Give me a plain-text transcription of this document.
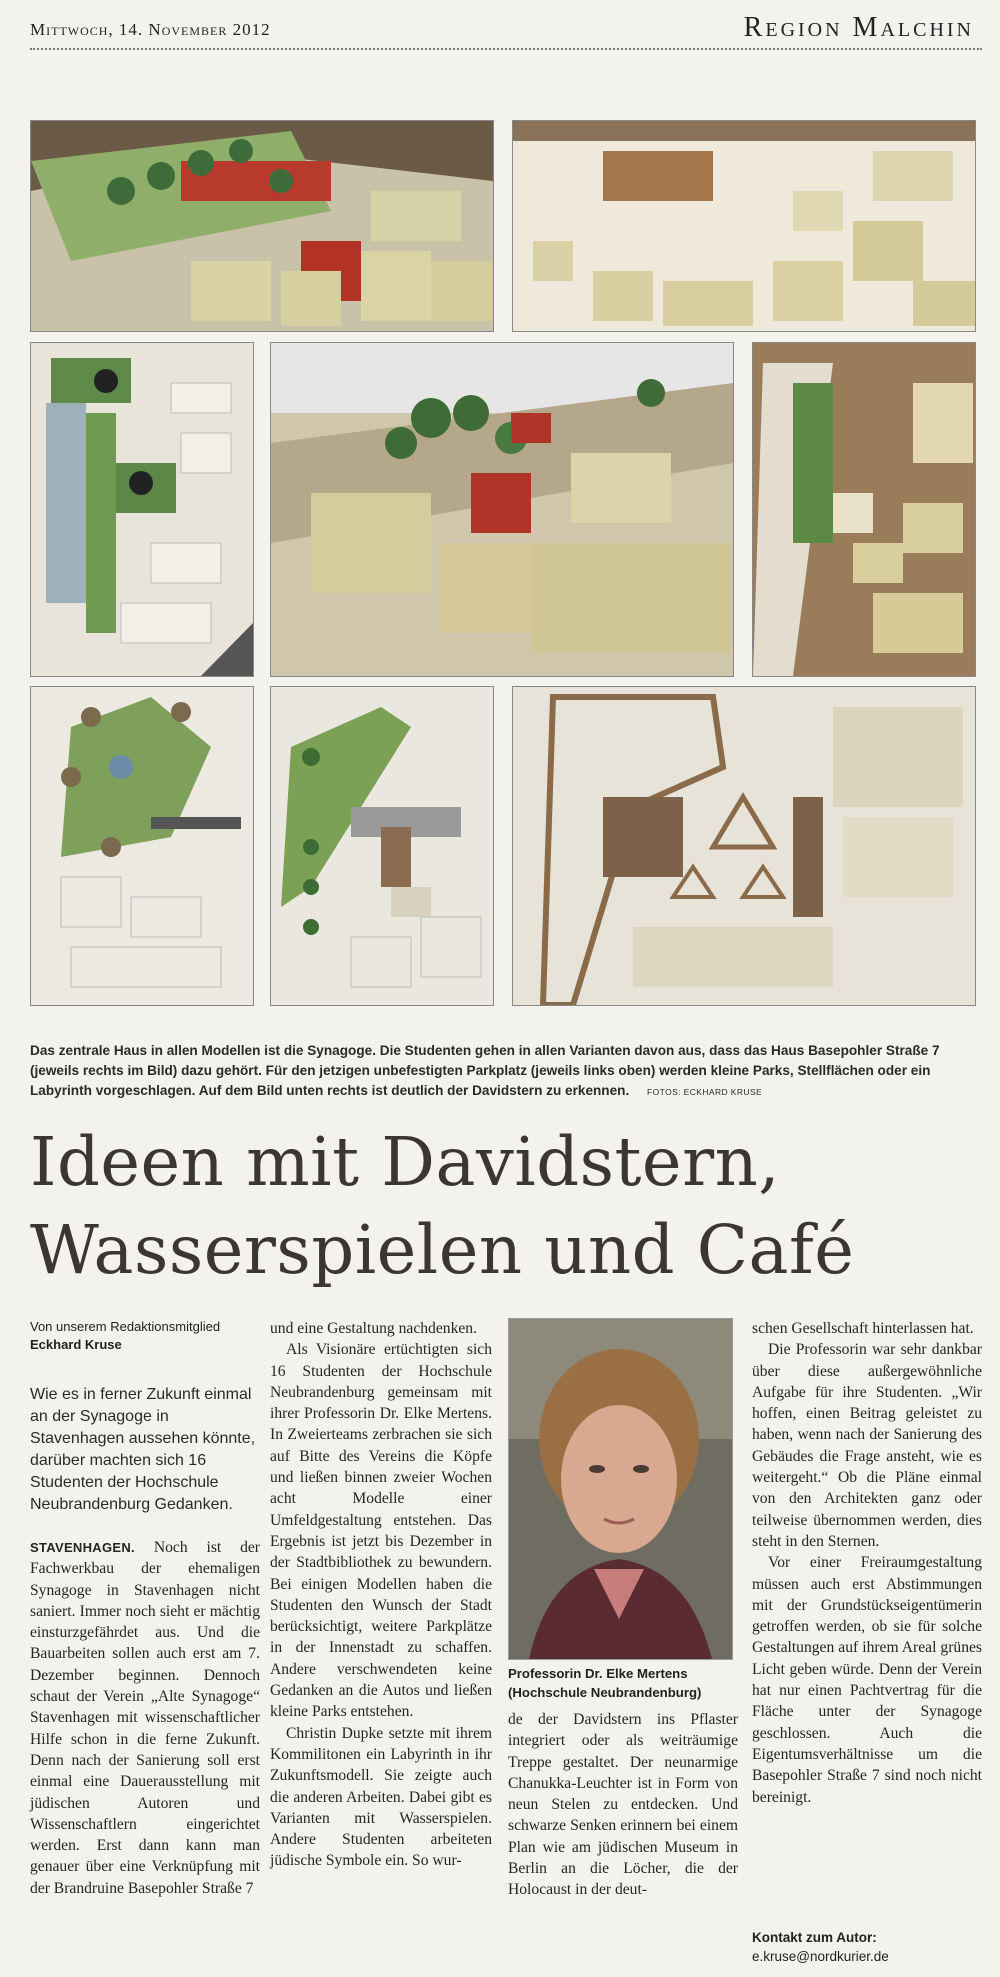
Mittwoch, 14. November 2012	Region Malchin
Das zentrale Haus in allen Modellen ist die Synagoge. Die Studenten gehen in allen Varianten davon aus, dass das Haus Basepohler Straße 7 (jeweils rechts im Bild) dazu gehört. Für den jetzigen unbefestigten Parkplatz (jeweils links oben) werden kleine Parks, Stellflächen oder ein Labyrinth vorgeschlagen. Auf dem Bild unten rechts ist deutlich der Davidstern zu erkennen. FOTOS: ECKHARD KRUSE
Ideen mit Davidstern,
Wasserspielen und Café
Von unserem Redaktionsmitglied
Eckhard Kruse
Wie es in ferner Zukunft einmal an der Synagoge in Stavenhagen aussehen könnte, darüber machten sich 16 Studenten der Hochschule Neubrandenburg Gedanken.

STAVENHAGEN. Noch ist der Fachwerkbau der ehemaligen Synagoge in Stavenhagen nicht saniert. Immer noch sieht er mächtig einsturzgefährdet aus. Und die Bauarbeiten sollen auch erst am 7. Dezember beginnen. Dennoch schaut der Verein „Alte Synagoge“ Stavenhagen mit wissenschaftlicher Hilfe schon in die ferne Zukunft. Denn nach der Sanierung soll erst einmal eine Dauerausstellung mit jüdischen Autoren und Wissenschaftlern eingerichtet werden. Erst dann kann man genauer über eine Verknüpfung mit der Brandruine Basepohler Straße 7

und eine Gestaltung nachdenken.

Als Visionäre ertüchtigten sich 16 Studenten der Hochschule Neubrandenburg gemeinsam mit ihrer Professorin Dr. Elke Mertens. In Zweierteams zerbrachen sie sich auf Bitte des Vereins die Köpfe und ließen binnen zweier Wochen acht Modelle einer Umfeldgestaltung entstehen. Das Ergebnis ist jetzt bis Dezember in der Stadtbibliothek zu bewundern. Bei einigen Modellen haben die Studenten den Wunsch der Stadt berücksichtigt, weitere Parkplätze in der Innenstadt zu schaffen. Andere verschwendeten keine Gedanken an die Autos und ließen kleine Parks entstehen.

Christin Dupke setzte mit ihrem Kommilitonen ein Labyrinth in ihr Zukunftsmodell. Sie zeigte auch die anderen Arbeiten. Dabei gibt es Varianten mit Wasserspielen. Andere Studenten arbeiteten jüdische Symbole ein. So wur-

Professorin Dr. Elke Mertens
(Hochschule Neubrandenburg)

de der Davidstern ins Pflaster integriert oder als weiträumige Treppe gestaltet. Der neunarmige Chanukka-Leuchter ist in Form von neun Stelen zu entdecken. Und schwarze Senken erinnern bei einem Plan wie am jüdischen Museum in Berlin an die Löcher, die der Holocaust in der deut-

schen Gesellschaft hinterlassen hat.

Die Professorin war sehr dankbar über diese außergewöhnliche Aufgabe für ihre Studenten. „Wir hoffen, einen Beitrag geleistet zu haben, wenn nach der Sanierung des Gebäudes die Frage ansteht, wie es weitergeht.“ Ob die Pläne einmal von den Architekten ganz oder teilweise übernommen werden, dies steht in den Sternen.

Vor einer Freiraumgestaltung müssen auch erst Abstimmungen mit der Grundstückseigentümerin getroffen werden, ob sie für solche Gestaltungen auf ihrem Areal grünes Licht geben würde. Denn der Verein hat nur einen Pachtvertrag für die Fläche unter der Synagoge geschlossen. Auch die Eigentumsverhältnisse um die Basepohler Straße 7 sind noch nicht bereinigt.

Kontakt zum Autor:
e.kruse@nordkurier.de
